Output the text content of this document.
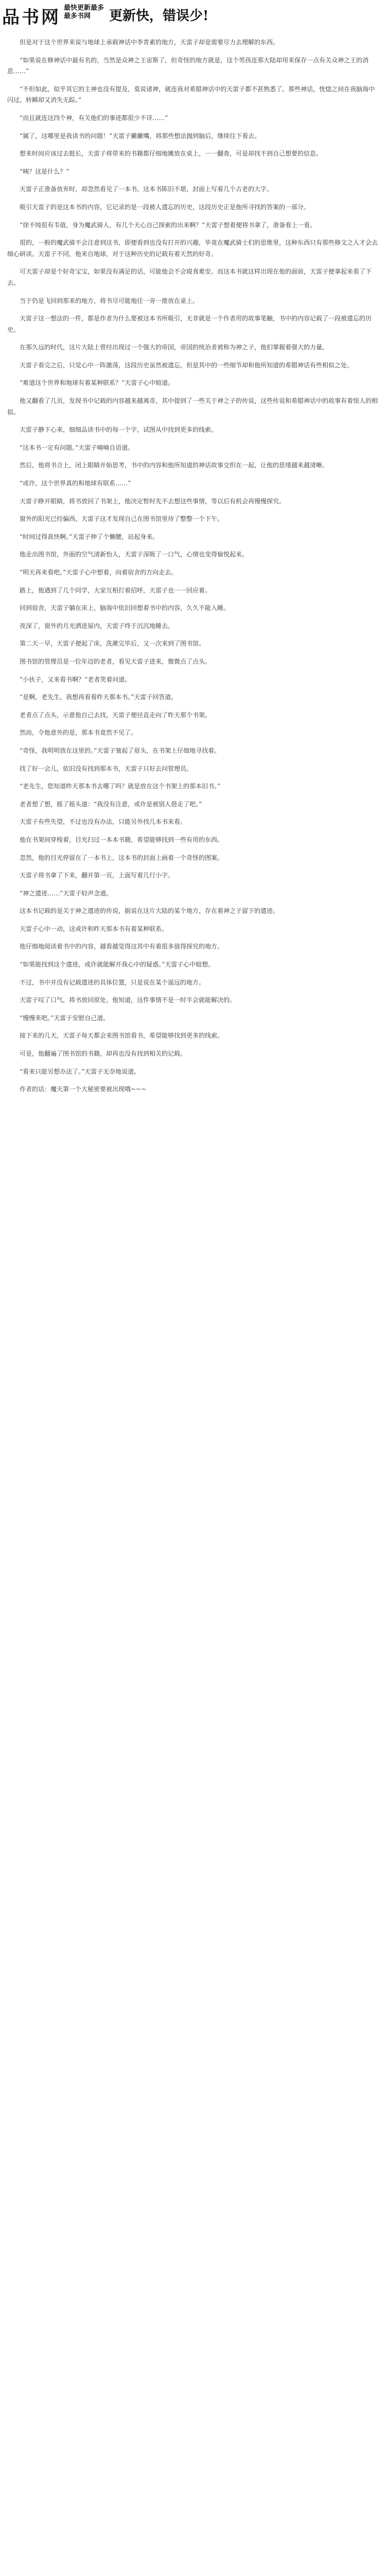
品书网 最快更新最多
最多书网	更新快，错误少!

但是对于这个世界来说与地球上承载神话中李青素的地方，天雷子却是需要尽力去理解的东西。

“如果说在修神话中最有名的，当然是众神之王宙斯了，但奇怪的地方就是，这个男孩连那大陆却用来保存一点有关众神之王的消息……”

“不但如此，似乎其它的主神也没有提及，莫说诸神，就连我对希腊神话中的天雷子都不甚熟悉了。那些神话，恍惚之间在我脑海中闪过，转瞬却又消失无踪。”

“而且就连这四个神，有关他们的事迹都很少不详……”

“属了，这哪里是我读书的问题！”天雷子撇撇嘴，将那些想法抛到脑后，继续往下看去。

想来时间应该过去挺长，天雷子将带来的书籍都仔细地摊放在桌上，一一翻查，可是却找不到自己想要的信息。

“咦？这是什么？”

天雷子正准备放弃时，却忽然看见了一本书，这本书陈旧不堪，封面上写着几个古老的大字。

吸引天雷子的是这本书的内容，它记录的是一段被人遗忘的历史，这段历史正是他所寻找的答案的一部分。

“徐不纯很有韦值，身为魔武骑人，有几个天心自己探索的出来啊？”天雷子想着便将书拿了，准备看上一看。

很的，一般的魔武骑不会注意到这书，即便看到也没有打开的兴趣，毕竟在魔武骑士们的思维里，这种东西只有那些修文之人才会去细心研读。天雷子不同，他来自地球，对于这种历史的记载有着天然的好奇。

可天雷子却是个好奇宝宝，如果没有满足的话，可能他会不会寝食难安。而这本书就这样出现在他的面前，天雷子便拿起来看了下去。

当于仍是飞回到那来的地方，将书尽可能地往一旁一推放在桌上。

天雷子这一想法的一件，都是作者为什么要被这本书所吸引，无非就是一个作者用的故事笔触，书中的内容记载了一段被遗忘的历史。

在那久远的时代，这片大陆上曾经出现过一个强大的帝国，帝国的统治者被称为神之子，他们掌握着强大的力量。

天雷子看完之后，只觉心中一阵激荡，这段历史虽然被遗忘，但是其中的一些细节却和他所知道的希腊神话有些相似之处。

“难道这个世界和地球有着某种联系？”天雷子心中暗道。

他又翻看了几页，发现书中记载的内容越来越离奇，其中提到了一些关于神之子的传说，这些传说和希腊神话中的故事有着惊人的相似。

天雷子静下心来，细细品读书中的每一个字，试图从中找到更多的线索。

“这本书一定有问题。”天雷子喃喃自语道。

然后，他将书合上，闭上眼睛开始思考，书中的内容和他所知道的神话故事交织在一起，让他的思绪越来越清晰。

“或许，这个世界真的和地球有联系……”

天雷子睁开眼睛，将书放回了书架上，他决定暂时先不去想这些事情，等以后有机会再慢慢探究。

窗外的阳光已经偏西，天雷子这才发现自己在图书馆里待了整整一个下午。

“时间过得真快啊。”天雷子伸了个懒腰，站起身来。

他走出图书馆，外面的空气清新怡人，天雷子深吸了一口气，心情也变得愉悦起来。

“明天再来看吧。”天雷子心中想着，向着宿舍的方向走去。

路上，他遇到了几个同学，大家互相打着招呼，天雷子也一一回应着。

回到宿舍，天雷子躺在床上，脑海中依旧回想着书中的内容，久久不能入睡。

夜深了，窗外的月光洒进屋内，天雷子终于沉沉地睡去。

第二天一早，天雷子便起了床，洗漱完毕后，又一次来到了图书馆。

图书馆的管理员是一位年迈的老者，看见天雷子进来，微微点了点头。

“小伙子，又来看书啊？”老者笑着问道。

“是啊，老先生，我想再看看昨天那本书。”天雷子回答道。

老者点了点头，示意他自己去找，天雷子便径直走向了昨天那个书架。

然而，令他意外的是，那本书竟然不见了。

“奇怪，我明明放在这里的。”天雷子皱起了眉头，在书架上仔细地寻找着。

找了好一会儿，依旧没有找到那本书，天雷子只好去问管理员。

“老先生，您知道昨天那本书去哪了吗？就是放在这个书架上的那本旧书。”

老者想了想，摇了摇头道：“我没有注意，或许是被别人借走了吧。”

天雷子有些失望，不过也没有办法，只能另外找几本书来看。

他在书架间穿梭着，目光扫过一本本书籍，希望能够找到一些有用的东西。

忽然，他的目光停留在了一本书上，这本书的封面上画着一个奇怪的图案。

天雷子将书拿了下来，翻开第一页，上面写着几行小字。

“神之遗迹……”天雷子轻声念道。

这本书记载的是关于神之遗迹的传说，据说在这片大陆的某个地方，存在着神之子留下的遗迹。

天雷子心中一动，这或许和昨天那本书有着某种联系。

他仔细地阅读着书中的内容，越看越觉得这其中有着很多值得探究的地方。

“如果能找到这个遗迹，或许就能解开我心中的疑惑。”天雷子心中暗想。

不过，书中并没有记载遗迹的具体位置，只是说在某个遥远的地方。

天雷子叹了口气，将书放回原处，他知道，这件事情不是一时半会就能解决的。

“慢慢来吧。”天雷子安慰自己道。

接下来的几天，天雷子每天都会来图书馆看书，希望能够找到更多的线索。

可是，他翻遍了图书馆的书籍，却再也没有找到相关的记载。

“看来只能另想办法了。”天雷子无奈地说道。

作者的话：魔天第一个大秘密要被出现哦~~~
